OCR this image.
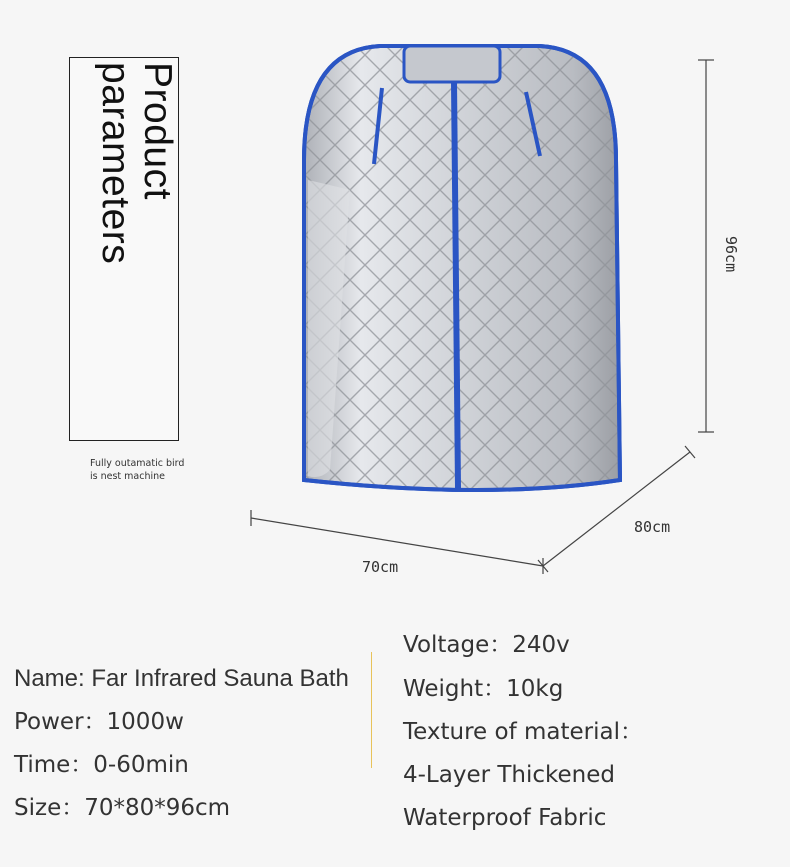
Product
parameters
Fully outamatic bird is nest machine
70cm
80cm
96cm
Name: Far Infrared Sauna Bath
Power：1000w
Time：0-60min
Size：70*80*96cm
Voltage：240v
Weight：10kg
Texture of material：
4-Layer Thickened
Waterproof Fabric
